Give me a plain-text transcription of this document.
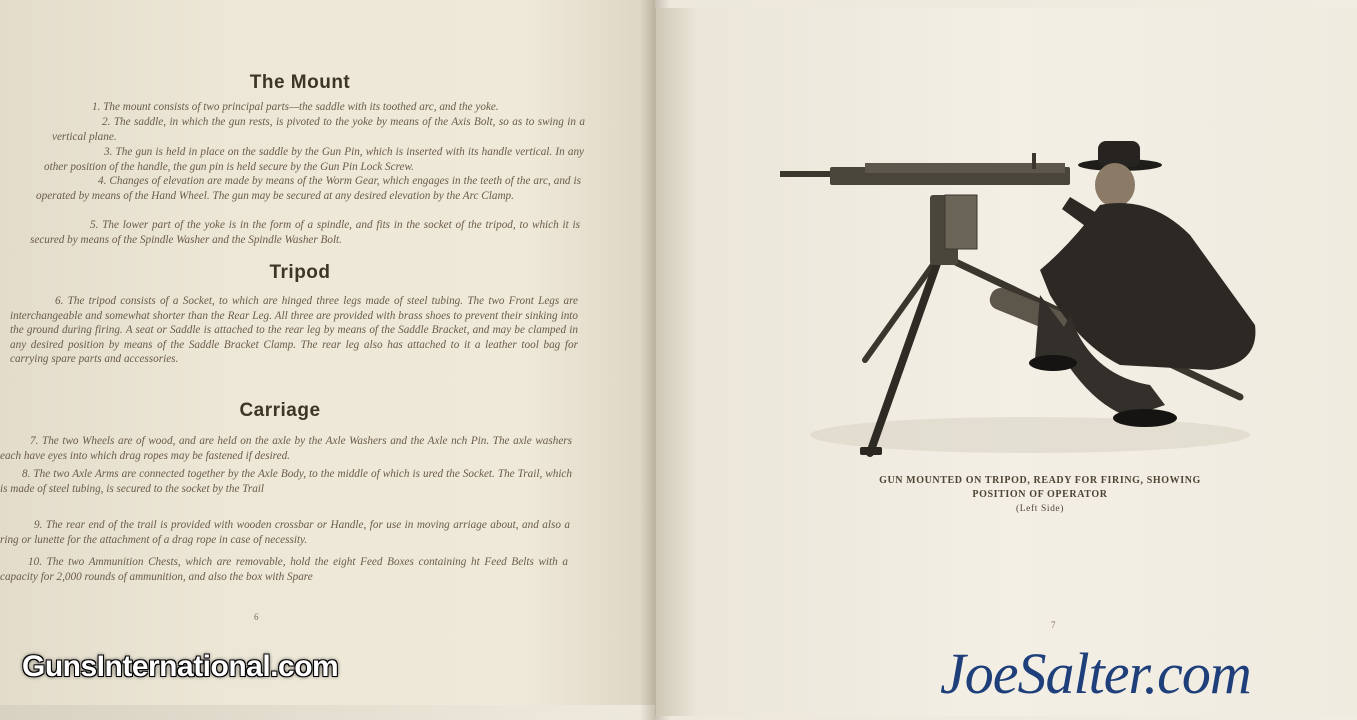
The Mount

1. The mount consists of two principal parts—the saddle with its toothed arc, and the yoke.

2. The saddle, in which the gun rests, is pivoted to the yoke by means of the Axis Bolt, so as to swing in a vertical plane.

3. The gun is held in place on the saddle by the Gun Pin, which is inserted with its handle vertical. In any other position of the handle, the gun pin is held secure by the Gun Pin Lock Screw.

4. Changes of elevation are made by means of the Worm Gear, which engages in the teeth of the arc, and is operated by means of the Hand Wheel. The gun may be secured at any desired elevation by the Arc Clamp.

5. The lower part of the yoke is in the form of a spindle, and fits in the socket of the tripod, to which it is secured by means of the Spindle Washer and the Spindle Washer Bolt.

Tripod

6. The tripod consists of a Socket, to which are hinged three legs made of steel tubing. The two Front Legs are interchangeable and somewhat shorter than the Rear Leg. All three are provided with brass shoes to prevent their sinking into the ground during firing. A seat or Saddle is attached to the rear leg by means of the Saddle Bracket, and may be clamped in any desired position by means of the Saddle Bracket Clamp. The rear leg also has attached to it a leather tool bag for carrying spare parts and accessories.

Carriage

7. The two Wheels are of wood, and are held on the axle by the Axle Washers and the Axle nch Pin. The axle washers each have eyes into which drag ropes may be fastened if desired.

8. The two Axle Arms are connected together by the Axle Body, to the middle of which is ured the Socket. The Trail, which is made of steel tubing, is secured to the socket by the Trail

9. The rear end of the trail is provided with wooden crossbar or Handle, for use in moving arriage about, and also a ring or lunette for the attachment of a drag rope in case of necessity.

10. The two Ammunition Chests, which are removable, hold the eight Feed Boxes containing ht Feed Belts with a capacity for 2,000 rounds of ammunition, and also the box with Spare

6
7
GUN MOUNTED ON TRIPOD, READY FOR FIRING, SHOWING
POSITION OF OPERATOR
(Left Side)
GunsInternational.com	JoeSalter.com
